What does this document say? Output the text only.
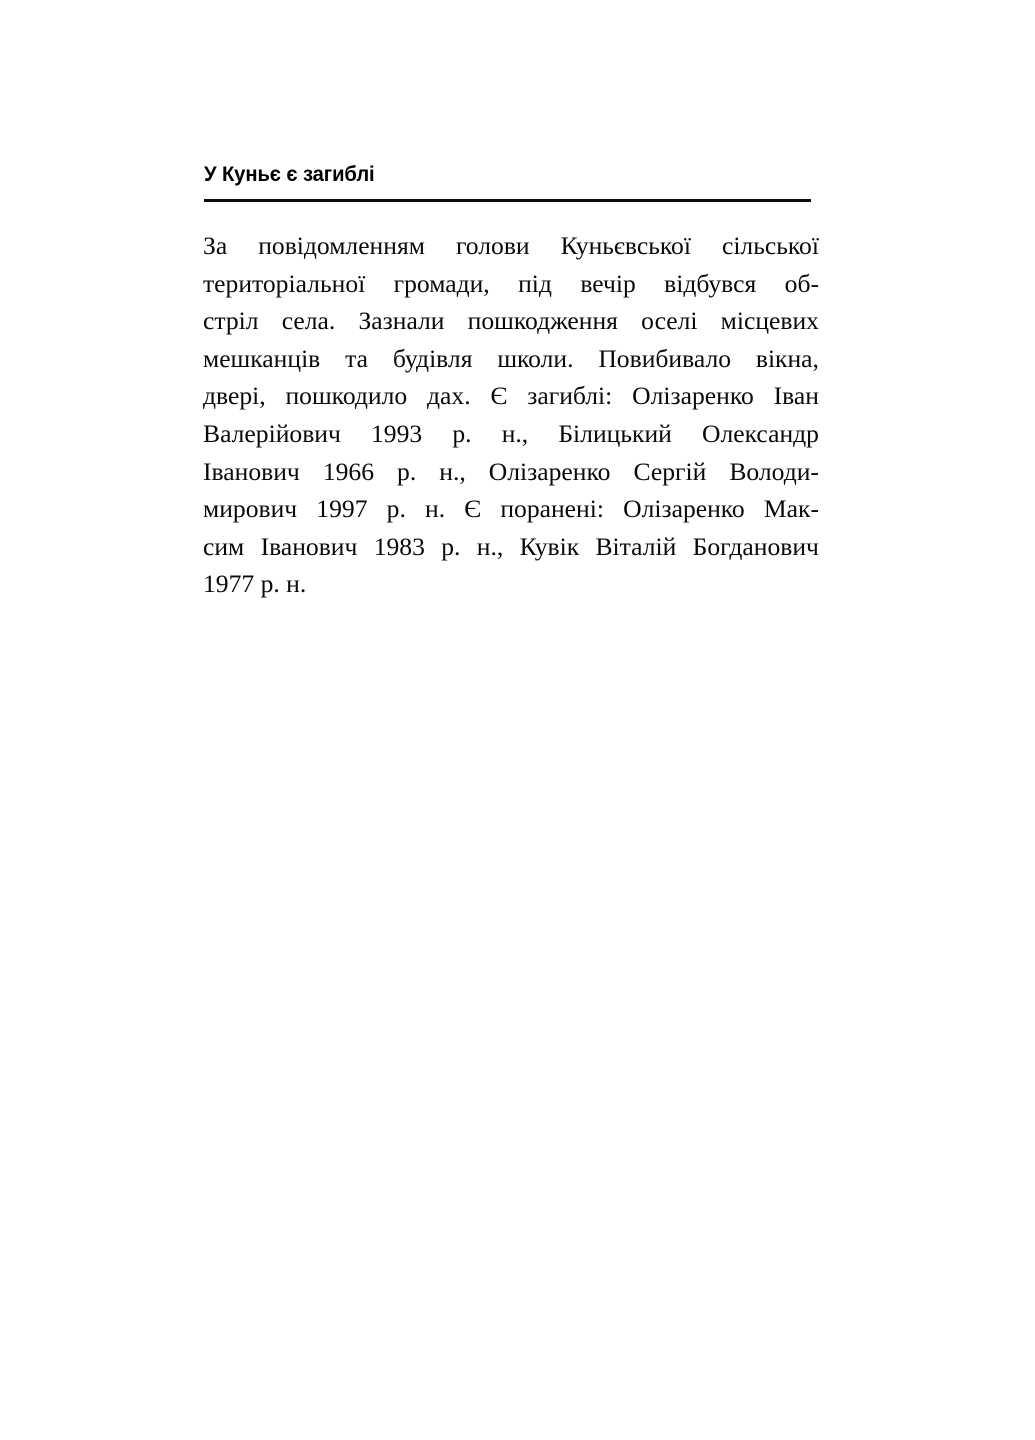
У Куньє є загиблі
За повідомленням голови Куньєвської сільської
територіальної громади, під вечір відбувся об-
стріл села. Зазнали пошкодження оселі місцевих
мешканців та будівля школи. Повибивало вікна,
двері, пошкодило дах. Є загиблі: Олізаренко Іван
Валерійович 1993 р. н., Білицький Олександр
Іванович 1966 р. н., Олізаренко Сергій Володи-
мирович 1997 р. н. Є поранені: Олізаренко Мак-
сим Іванович 1983 р. н., Кувік Віталій Богданович
1977 р. н.
